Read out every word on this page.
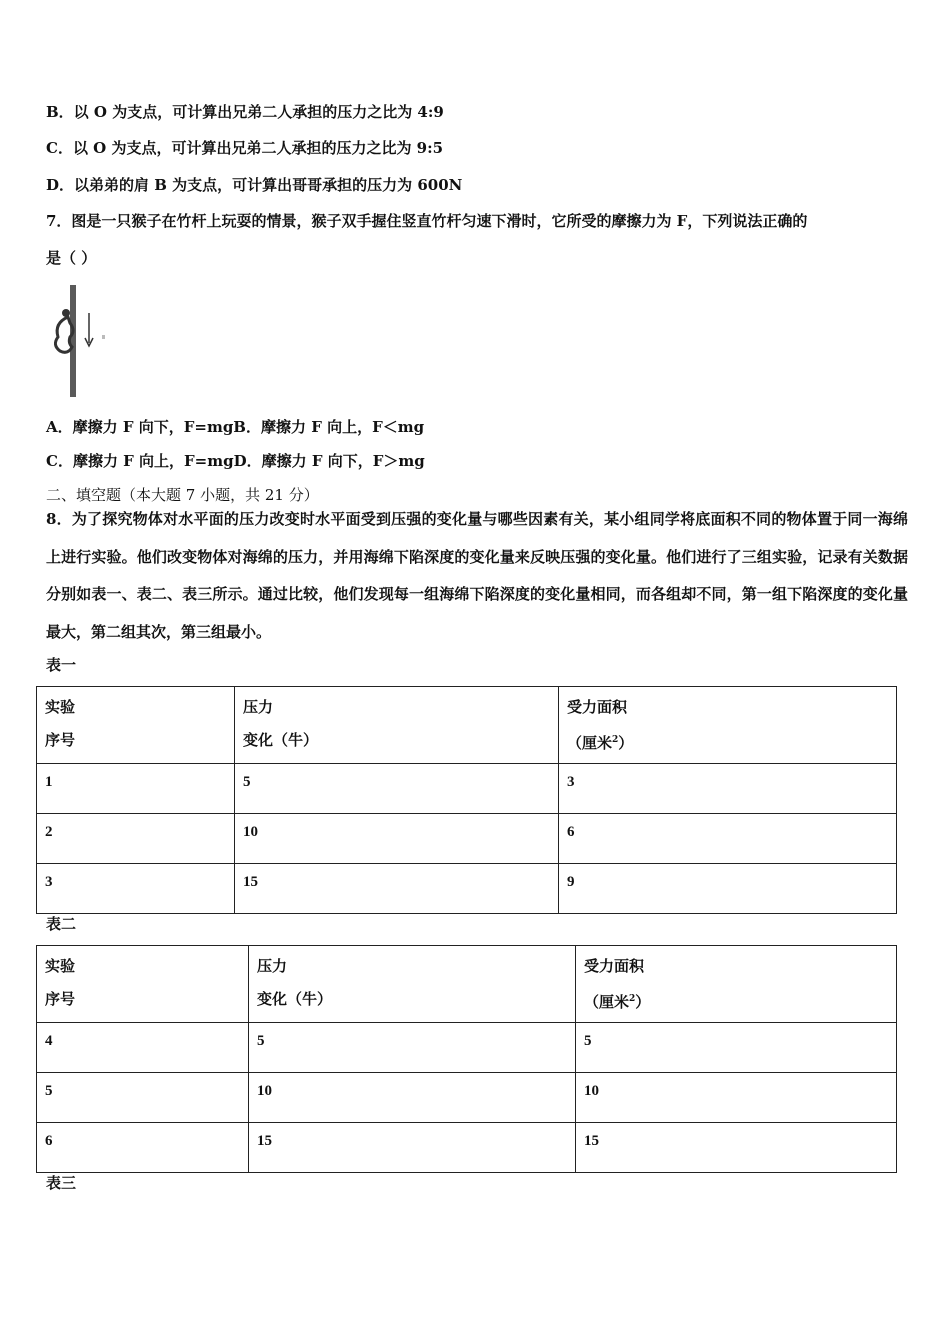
B．以 O 为支点，可计算出兄弟二人承担的压力之比为 4:9
C．以 O 为支点，可计算出兄弟二人承担的压力之比为 9:5
D．以弟弟的肩 B 为支点，可计算出哥哥承担的压力为 600N
7．图是一只猴子在竹杆上玩耍的情景，猴子双手握住竖直竹杆匀速下滑时，它所受的摩擦力为 F，下列说法正确的
是（ ）
A．摩擦力 F 向下，F=mgB．摩擦力 F 向上，F＜mg
C．摩擦力 F 向上，F=mgD．摩擦力 F 向下，F＞mg
二、填空题（本大题 7 小题，共 21 分）
8．为了探究物体对水平面的压力改变时水平面受到压强的变化量与哪些因素有关，某小组同学将底面积不同的物体置于同一海绵上进行实验。他们改变物体对海绵的压力，并用海绵下陷深度的变化量来反映压强的变化量。他们进行了三组实验，记录有关数据分别如表一、表二、表三所示。通过比较，他们发现每一组海绵下陷深度的变化量相同，而各组却不同，第一组下陷深度的变化量最大，第二组其次，第三组最小。
表一
实验
序号	压力
变化（牛）	受力面积
（厘米$^2$）
1	5	3
2	10	6
3	15	9
表二
实验
序号	压力
变化（牛）	受力面积
（厘米$^2$）
4	5	5
5	10	10
6	15	15
表三
